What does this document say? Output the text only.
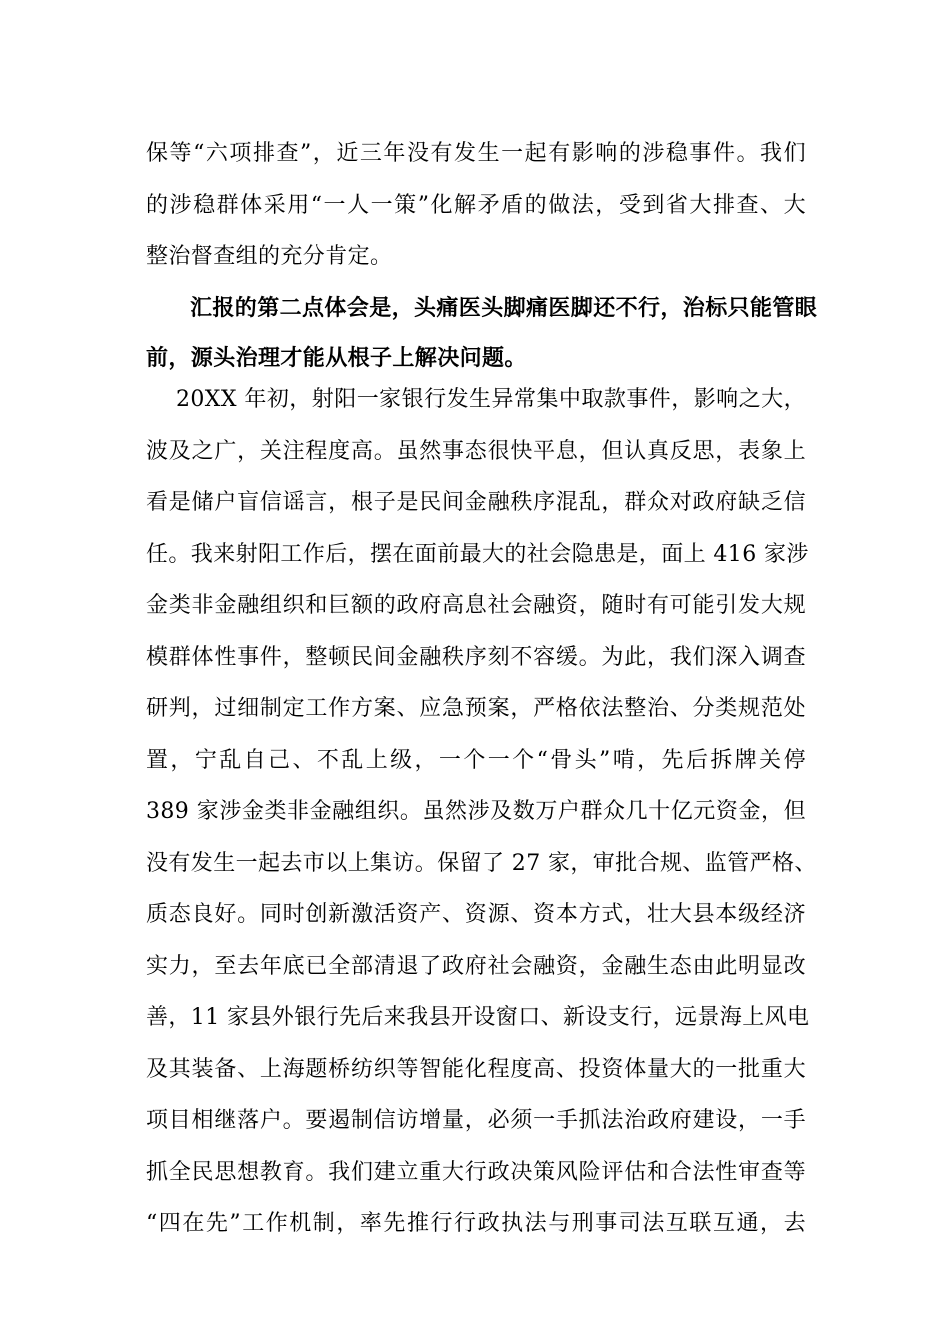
保等“六项排查”，近三年没有发生一起有影响的涉稳事件。我们
的涉稳群体采用“一人一策”化解矛盾的做法，受到省大排查、大
整治督查组的充分肯定。
汇报的第二点体会是，头痛医头脚痛医脚还不行，治标只能管眼
前，源头治理才能从根子上解决问题。
20XX 年初，射阳一家银行发生异常集中取款事件，影响之大，
波及之广，关注程度高。虽然事态很快平息，但认真反思，表象上
看是储户盲信谣言，根子是民间金融秩序混乱，群众对政府缺乏信
任。我来射阳工作后，摆在面前最大的社会隐患是，面上 416 家涉
金类非金融组织和巨额的政府高息社会融资，随时有可能引发大规
模群体性事件，整顿民间金融秩序刻不容缓。为此，我们深入调查
研判，过细制定工作方案、应急预案，严格依法整治、分类规范处
置，宁乱自己、不乱上级，一个一个“骨头”啃，先后拆牌关停
389 家涉金类非金融组织。虽然涉及数万户群众几十亿元资金，但
没有发生一起去市以上集访。保留了 27 家，审批合规、监管严格、
质态良好。同时创新激活资产、资源、资本方式，壮大县本级经济
实力，至去年底已全部清退了政府社会融资，金融生态由此明显改
善，11 家县外银行先后来我县开设窗口、新设支行，远景海上风电
及其装备、上海题桥纺织等智能化程度高、投资体量大的一批重大
项目相继落户。要遏制信访增量，必须一手抓法治政府建设，一手
抓全民思想教育。我们建立重大行政决策风险评估和合法性审查等
“四在先”工作机制，率先推行行政执法与刑事司法互联互通，去
